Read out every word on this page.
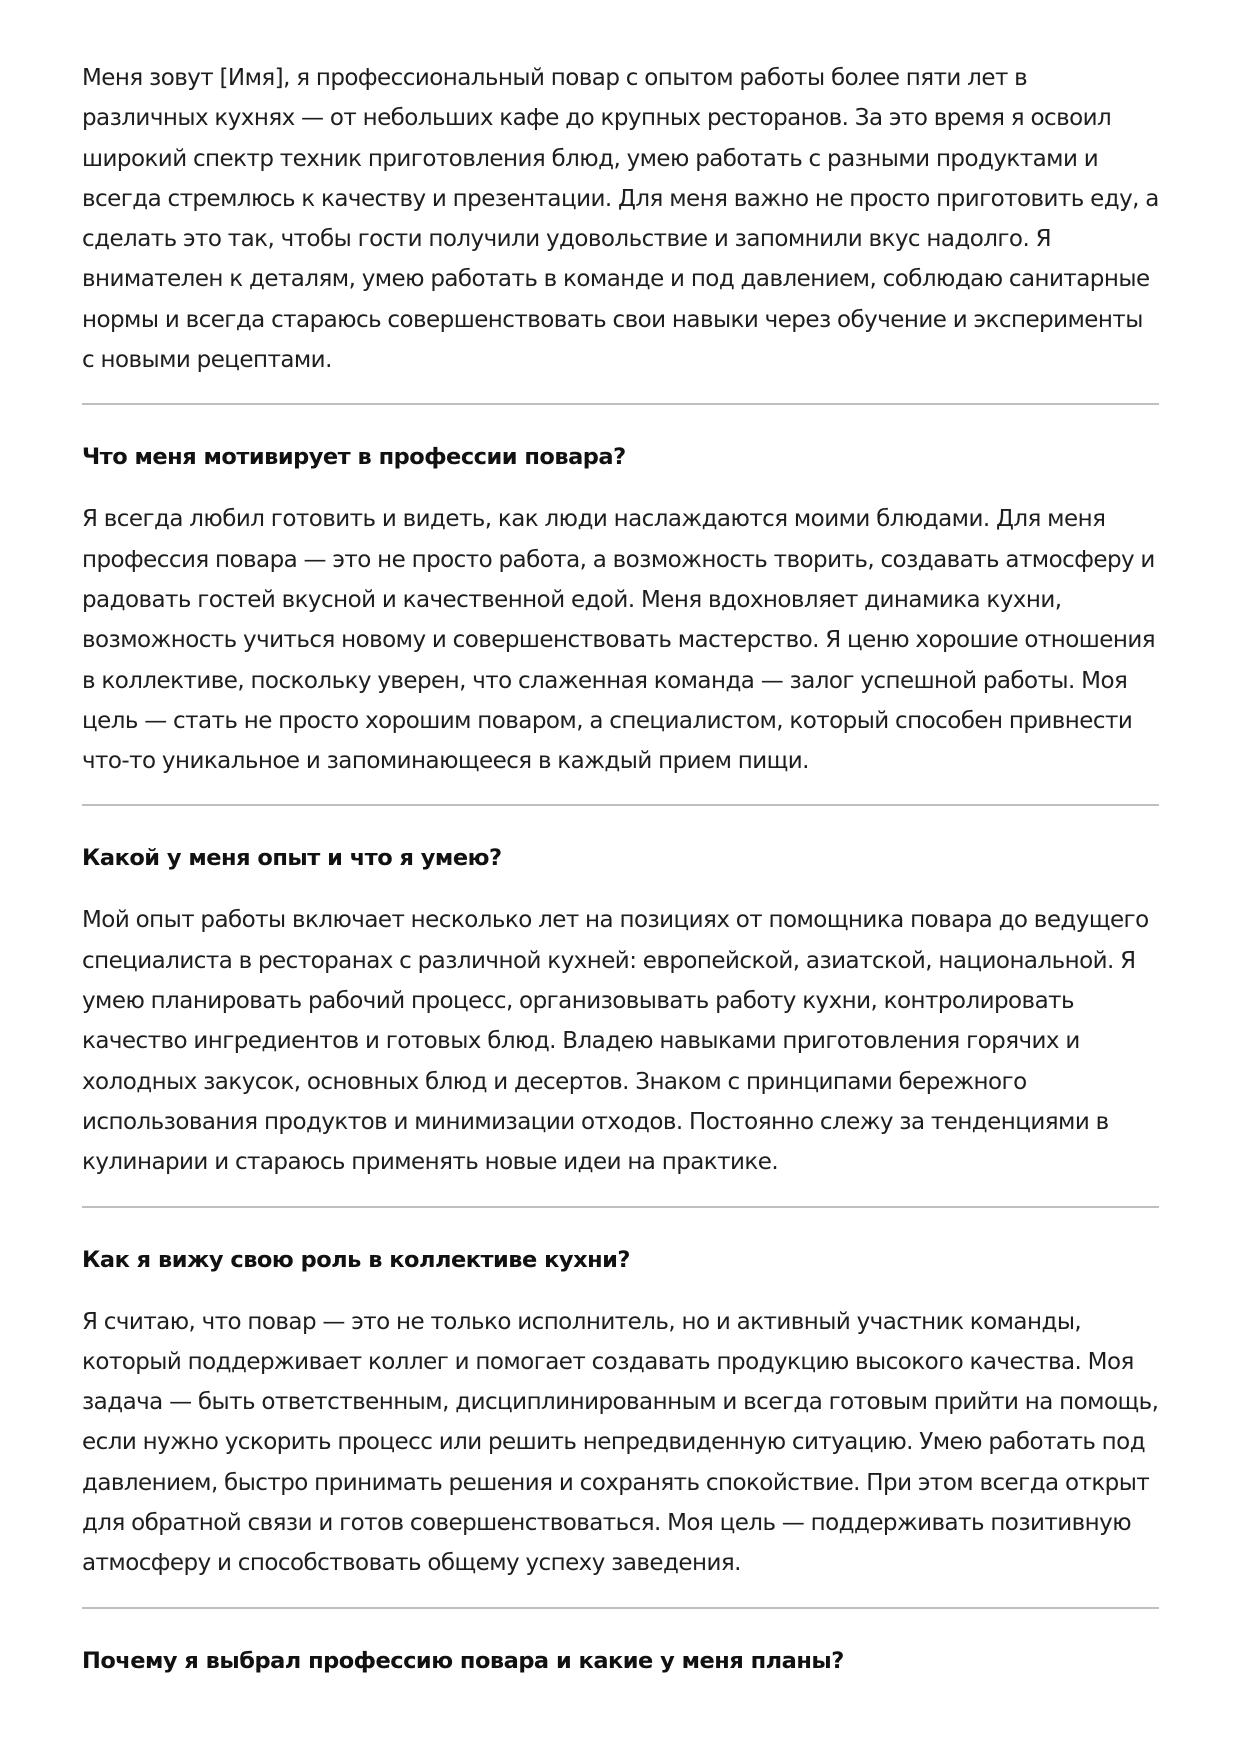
Меня зовут [Имя], я профессиональный повар с опытом работы более пяти лет в различных кухнях — от небольших кафе до крупных ресторанов. За это время я освоил широкий спектр техник приготовления блюд, умею работать с разными продуктами и всегда стремлюсь к качеству и презентации. Для меня важно не просто приготовить еду, а сделать это так, чтобы гости получили удовольствие и запомнили вкус надолго. Я внимателен к деталям, умею работать в команде и под давлением, соблюдаю санитарные нормы и всегда стараюсь совершенствовать свои навыки через обучение и эксперименты с новыми рецептами.

Что меня мотивирует в профессии повара?

Я всегда любил готовить и видеть, как люди наслаждаются моими блюдами. Для меня профессия повара — это не просто работа, а возможность творить, создавать атмосферу и радовать гостей вкусной и качественной едой. Меня вдохновляет динамика кухни, возможность учиться новому и совершенствовать мастерство. Я ценю хорошие отношения в коллективе, поскольку уверен, что слаженная команда — залог успешной работы. Моя цель — стать не просто хорошим поваром, а специалистом, который способен привнести что-то уникальное и запоминающееся в каждый прием пищи.

Какой у меня опыт и что я умею?

Мой опыт работы включает несколько лет на позициях от помощника повара до ведущего специалиста в ресторанах с различной кухней: европейской, азиатской, национальной. Я умею планировать рабочий процесс, организовывать работу кухни, контролировать качество ингредиентов и готовых блюд. Владею навыками приготовления горячих и холодных закусок, основных блюд и десертов. Знаком с принципами бережного использования продуктов и минимизации отходов. Постоянно слежу за тенденциями в кулинарии и стараюсь применять новые идеи на практике.

Как я вижу свою роль в коллективе кухни?

Я считаю, что повар — это не только исполнитель, но и активный участник команды, который поддерживает коллег и помогает создавать продукцию высокого качества. Моя задача — быть ответственным, дисциплинированным и всегда готовым прийти на помощь, если нужно ускорить процесс или решить непредвиденную ситуацию. Умею работать под давлением, быстро принимать решения и сохранять спокойствие. При этом всегда открыт для обратной связи и готов совершенствоваться. Моя цель — поддерживать позитивную атмосферу и способствовать общему успеху заведения.

Почему я выбрал профессию повара и какие у меня планы?
